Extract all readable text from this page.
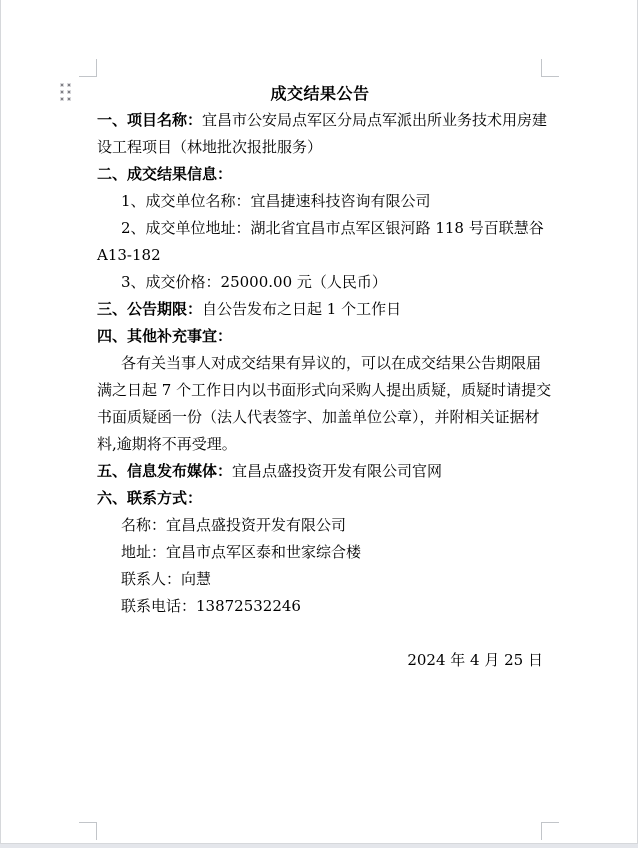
成交结果公告
一、项目名称：宜昌市公安局点军区分局点军派出所业务技术用房建
设工程项目（林地批次报批服务）
二、成交结果信息：
1、成交单位名称：宜昌捷速科技咨询有限公司
2、成交单位地址：湖北省宜昌市点军区银河路 118 号百联慧谷
A13-182
3、成交价格：25000.00 元（人民币）
三、公告期限：自公告发布之日起 1 个工作日
四、其他补充事宜：
各有关当事人对成交结果有异议的，可以在成交结果公告期限届
满之日起 7 个工作日内以书面形式向采购人提出质疑，质疑时请提交
书面质疑函一份（法人代表签字、加盖单位公章），并附相关证据材
料,逾期将不再受理。
五、信息发布媒体：宜昌点盛投资开发有限公司官网
六、联系方式：
名称：宜昌点盛投资开发有限公司
地址：宜昌市点军区泰和世家综合楼
联系人：向慧
联系电话：13872532246
2024 年 4 月 25 日
